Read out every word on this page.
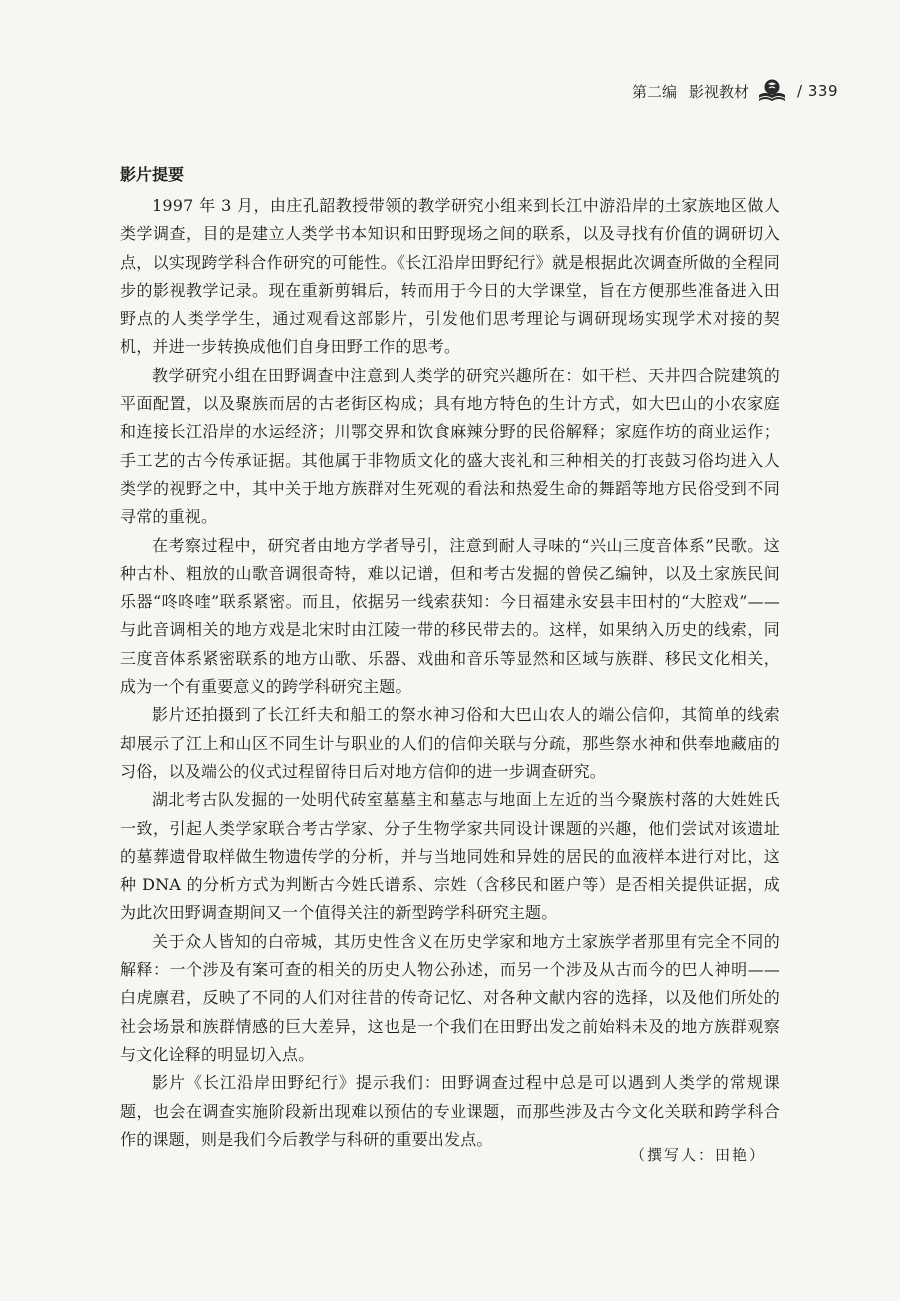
第二编 影视教材	/ 339
影片提要

1997 年 3 月，由庄孔韶教授带领的教学研究小组来到长江中游沿岸的土家族地区做人类学调查，目的是建立人类学书本知识和田野现场之间的联系，以及寻找有价值的调研切入点，以实现跨学科合作研究的可能性。《长江沿岸田野纪行》就是根据此次调查所做的全程同步的影视教学记录。现在重新剪辑后，转而用于今日的大学课堂，旨在方便那些准备进入田野点的人类学学生，通过观看这部影片，引发他们思考理论与调研现场实现学术对接的契机，并进一步转换成他们自身田野工作的思考。

教学研究小组在田野调查中注意到人类学的研究兴趣所在：如干栏、天井四合院建筑的平面配置，以及聚族而居的古老街区构成；具有地方特色的生计方式，如大巴山的小农家庭和连接长江沿岸的水运经济；川鄂交界和饮食麻辣分野的民俗解释；家庭作坊的商业运作；手工艺的古今传承证据。其他属于非物质文化的盛大丧礼和三种相关的打丧鼓习俗均进入人类学的视野之中，其中关于地方族群对生死观的看法和热爱生命的舞蹈等地方民俗受到不同寻常的重视。

在考察过程中，研究者由地方学者导引，注意到耐人寻味的“兴山三度音体系”民歌。这种古朴、粗放的山歌音调很奇特，难以记谱，但和考古发掘的曾侯乙编钟，以及土家族民间乐器“咚咚喹”联系紧密。而且，依据另一线索获知：今日福建永安县丰田村的“大腔戏”——与此音调相关的地方戏是北宋时由江陵一带的移民带去的。这样，如果纳入历史的线索，同三度音体系紧密联系的地方山歌、乐器、戏曲和音乐等显然和区域与族群、移民文化相关，成为一个有重要意义的跨学科研究主题。

影片还拍摄到了长江纤夫和船工的祭水神习俗和大巴山农人的端公信仰，其简单的线索却展示了江上和山区不同生计与职业的人们的信仰关联与分疏，那些祭水神和供奉地藏庙的习俗，以及端公的仪式过程留待日后对地方信仰的进一步调查研究。

湖北考古队发掘的一处明代砖室墓墓主和墓志与地面上左近的当今聚族村落的大姓姓氏一致，引起人类学家联合考古学家、分子生物学家共同设计课题的兴趣，他们尝试对该遗址的墓葬遗骨取样做生物遗传学的分析，并与当地同姓和异姓的居民的血液样本进行对比，这种 DNA 的分析方式为判断古今姓氏谱系、宗姓（含移民和匿户等）是否相关提供证据，成为此次田野调查期间又一个值得关注的新型跨学科研究主题。

关于众人皆知的白帝城，其历史性含义在历史学家和地方土家族学者那里有完全不同的解释：一个涉及有案可查的相关的历史人物公孙述，而另一个涉及从古而今的巴人神明——白虎廪君，反映了不同的人们对往昔的传奇记忆、对各种文献内容的选择，以及他们所处的社会场景和族群情感的巨大差异，这也是一个我们在田野出发之前始料未及的地方族群观察与文化诠释的明显切入点。

影片《长江沿岸田野纪行》提示我们：田野调查过程中总是可以遇到人类学的常规课题，也会在调查实施阶段新出现难以预估的专业课题，而那些涉及古今文化关联和跨学科合作的课题，则是我们今后教学与科研的重要出发点。

（撰写人：田艳）
